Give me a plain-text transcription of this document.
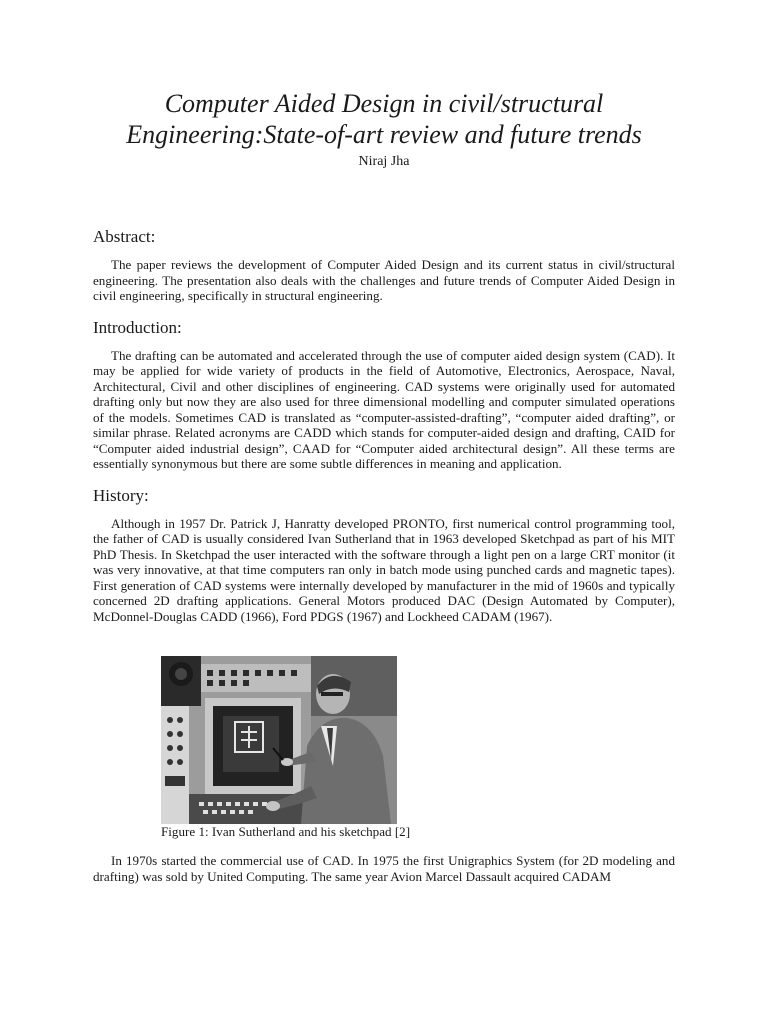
Computer Aided Design in civil/structural
Engineering:State-of-art review and future trends
Niraj Jha
Abstract:

The paper reviews the development of Computer Aided Design and its current status in civil/structural engineering. The presentation also deals with the challenges and future trends of Computer Aided Design in civil engineering, specifically in structural engineering.

Introduction:

The drafting can be automated and accelerated through the use of computer aided design system (CAD). It may be applied for wide variety of products in the field of Automotive, Electronics, Aerospace, Naval, Architectural, Civil and other disciplines of engineering. CAD systems were originally used for automated drafting only but now they are also used for three dimensional modelling and computer simulated operations of the models. Sometimes CAD is translated as “computer-assisted-drafting”, “computer aided drafting”, or similar phrase. Related acronyms are CADD which stands for computer-aided design and drafting, CAID for “Computer aided industrial design”, CAAD for “Computer aided architectural design”. All these terms are essentially synonymous but there are some subtle differences in meaning and application.

History:

Although in 1957 Dr. Patrick J, Hanratty developed PRONTO, first numerical control programming tool, the father of CAD is usually considered Ivan Sutherland that in 1963 developed Sketchpad as part of his MIT PhD Thesis. In Sketchpad the user interacted with the software through a light pen on a large CRT monitor (it was very innovative, at that time computers ran only in batch mode using punched cards and magnetic tapes). First generation of CAD systems were internally developed by manufacturer in the mid of 1960s and typically concerned 2D drafting applications. General Motors produced DAC (Design Automated by Computer), McDonnel-Douglas CADD (1966), Ford PDGS (1967) and Lockheed CADAM (1967).

Figure 1: Ivan Sutherland and his sketchpad [2]

In 1970s started the commercial use of CAD. In 1975 the first Unigraphics System (for 2D modeling and drafting) was sold by United Computing. The same year Avion Marcel Dassault acquired CADAM
